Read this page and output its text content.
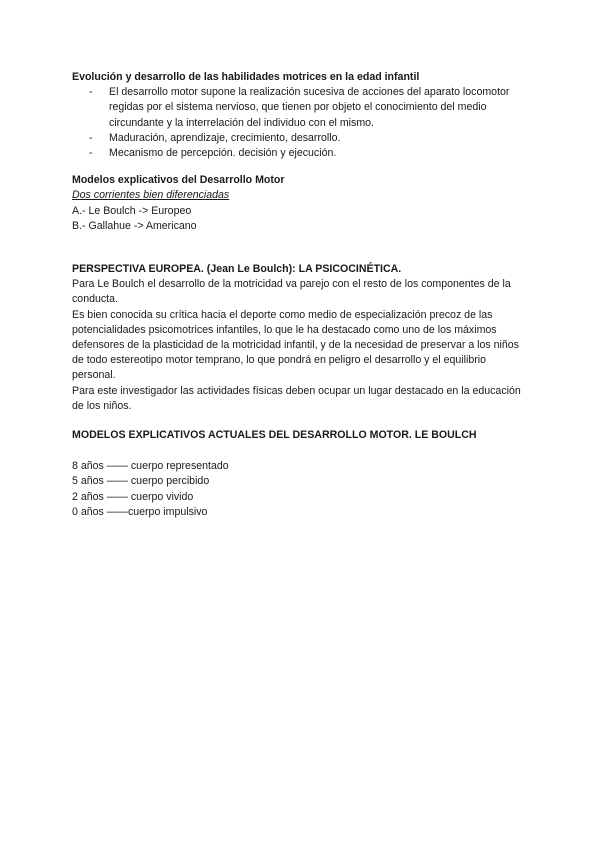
Evolución y desarrollo de las habilidades motrices en la edad infantil

- El desarrollo motor supone la realización sucesiva de acciones del aparato locomotor regidas por el sistema nervioso, que tienen por objeto el conocimiento del medio circundante y la interrelación del individuo con el mismo.
- Maduración, aprendizaje, crecimiento, desarrollo.
- Mecanismo de percepción. decisión y ejecución.

Modelos explicativos del Desarrollo Motor

Dos corrientes bien diferenciadas

A.- Le Boulch -> Europeo

B.- Gallahue -> Americano

PERSPECTIVA EUROPEA. (Jean Le Boulch): LA PSICOCINÉTICA.

Para Le Boulch el desarrollo de la motricidad va parejo con el resto de los componentes de la conducta.

Es bien conocida su crítica hacia el deporte como medio de especialización precoz de las potencialidades psicomotrices infantiles, lo que le ha destacado como uno de los máximos defensores de la plasticidad de la motricidad infantil, y de la necesidad de preservar a los niños de todo estereotipo motor temprano, lo que pondrá en peligro el desarrollo y el equilibrio personal.

Para este investigador las actividades físicas deben ocupar un lugar destacado en la educación de los niños.

MODELOS EXPLICATIVOS ACTUALES DEL DESARROLLO MOTOR. LE BOULCH

8 años —— cuerpo representado

5 años —— cuerpo percibido

2 años —— cuerpo vivido

0 años ——cuerpo impulsivo
